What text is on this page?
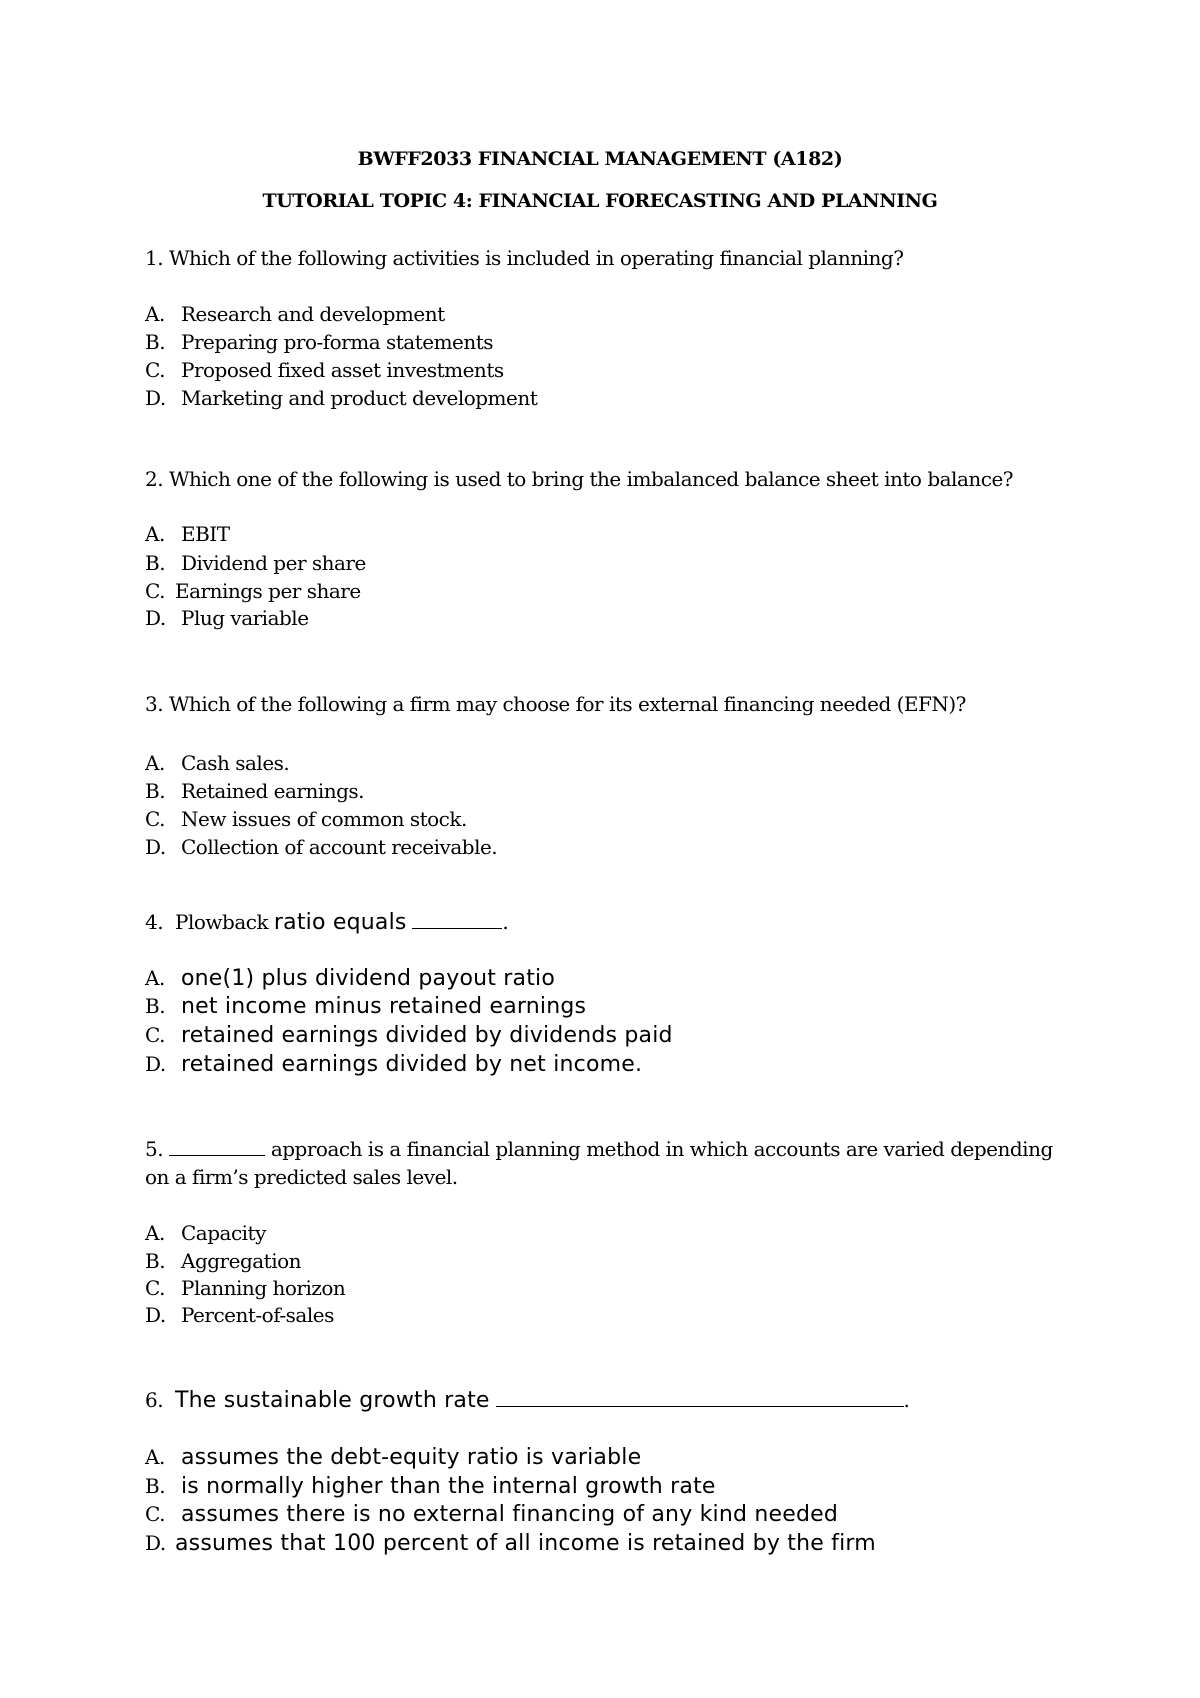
BWFF2033 FINANCIAL MANAGEMENT (A182)
TUTORIAL TOPIC 4: FINANCIAL FORECASTING AND PLANNING
1. Which of the following activities is included in operating financial planning?
A. Research and development
B. Preparing pro-forma statements
C. Proposed fixed asset investments
D. Marketing and product development
2. Which one of the following is used to bring the imbalanced balance sheet into balance?
A. EBIT
B. Dividend per share
C. Earnings per share
D. Plug variable
3. Which of the following a firm may choose for its external financing needed (EFN)?
A. Cash sales.
B. Retained earnings.
C. New issues of common stock.
D. Collection of account receivable.
4. Plowback ratio equals	.
A. one(1) plus dividend payout ratio
B. net income minus retained earnings
C. retained earnings divided by dividends paid
D. retained earnings divided by net income.
5.	approach is a financial planning method in which accounts are varied depending
on a firm’s predicted sales level.
A. Capacity
B. Aggregation
C. Planning horizon
D. Percent-of-sales
6. The sustainable growth rate	.
A. assumes the debt-equity ratio is variable
B. is normally higher than the internal growth rate
C. assumes there is no external financing of any kind needed
D. assumes that 100 percent of all income is retained by the firm
